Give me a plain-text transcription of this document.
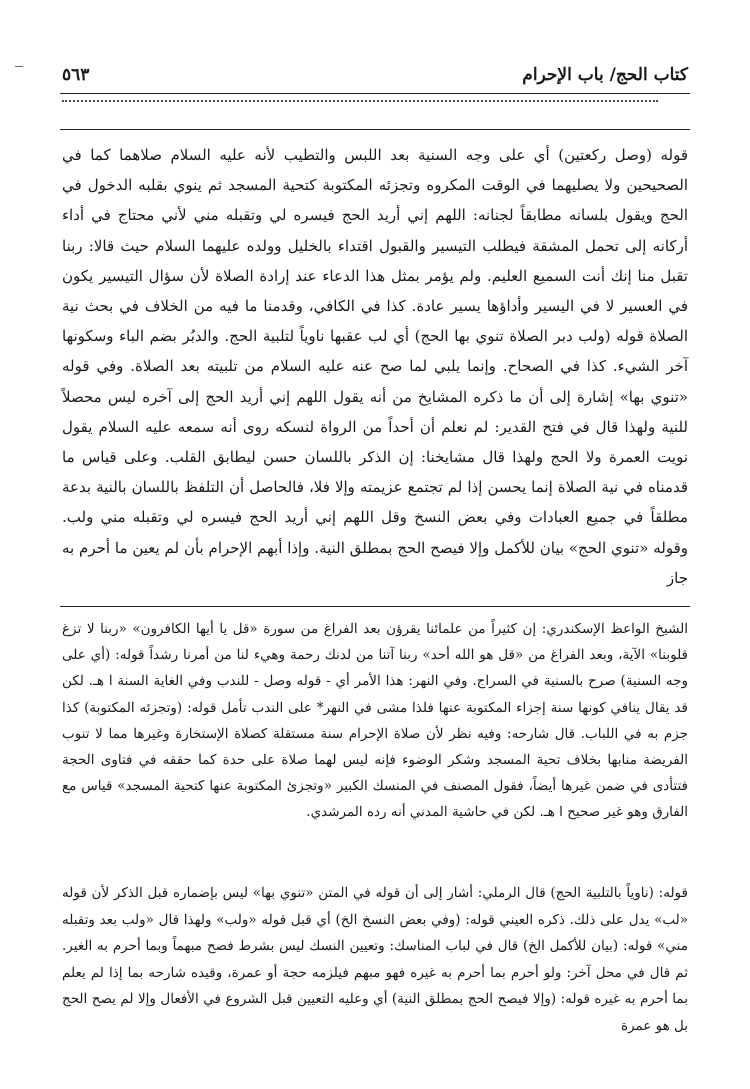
كتاب الحج/ باب الإحرام
٥٦٣

قوله (وصل ركعتين) أي على وجه السنية بعد اللبس والتطيب لأنه عليه السلام صلاهما كما في الصحيحين ولا يصليهما في الوقت المكروه وتجزئه المكتوبة كتحية المسجد ثم ينوي بقلبه الدخول في الحج ويقول بلسانه مطابقاً لجنانه: اللهم إني أريد الحج فيسره لي وتقبله مني لأني محتاج في أداء أركانه إلى تحمل المشقة فيطلب التيسير والقبول اقتداء بالخليل وولده عليهما السلام حيث قالا: ربنا تقبل منا إنك أنت السميع العليم. ولم يؤمر بمثل هذا الدعاء عند إرادة الصلاة لأن سؤال التيسير يكون في العسير لا في اليسير وأداؤها يسير عادة. كذا في الكافي، وقدمنا ما فيه من الخلاف في بحث نية الصلاة قوله (ولب دبر الصلاة تنوي بها الحج) أي لب عقبها ناوياً لتلبية الحج. والدبُر بضم الباء وسكونها آخر الشيء. كذا في الصحاح. وإنما يلبي لما صح عنه عليه السلام من تلبيته بعد الصلاة. وفي قوله «تنوي بها» إشارة إلى أن ما ذكره المشايخ من أنه يقول اللهم إني أريد الحج إلى آخره ليس محصلاً للنية ولهذا قال في فتح القدير: لم نعلم أن أحداً من الرواة لنسكه روى أنه سمعه عليه السلام يقول نويت العمرة ولا الحج ولهذا قال مشايخنا: إن الذكر باللسان حسن ليطابق القلب. وعلى قياس ما قدمناه في نية الصلاة إنما يحسن إذا لم تجتمع عزيمته وإلا فلا، فالحاصل أن التلفظ باللسان بالنية بدعة مطلقاً في جميع العبادات وفي بعض النسخ وقل اللهم إني أريد الحج فيسره لي وتقبله مني ولب. وقوله «تنوي الحج» بيان للأكمل وإلا فيصح الحج بمطلق النية. وإذا أبهم الإحرام بأن لم يعين ما أحرم به جاز

الشيخ الواعظ الإسكندري: إن كثيراً من علمائنا يقرؤن بعد الفراغ من سورة «قل يا أيها الكافرون» «ربنا لا تزغ قلوبنا» الآية، وبعد الفراغ من «قل هو الله أحد» ربنا آتنا من لدنك رحمة وهيء لنا من أمرنا رشداً قوله: (أي على وجه السنية) صرح بالسنية في السراج. وفي النهر: هذا الأمر أي - قوله وصل - للندب وفي الغاية السنة ا هـ. لكن قد يقال ينافي كونها سنة إجزاء المكتوبة عنها فلذا مشى في النهر* على الندب تأمل قوله: (وتجزئه المكتوبة) كذا جزم به في اللباب. قال شارحه: وفيه نظر لأن صلاة الإحرام سنة مستقلة كصلاة الإستخارة وغيرها مما لا تنوب الفريضة منابها بخلاف تحية المسجد وشكر الوضوء فإنه ليس لهما صلاة على حدة كما حققه في فتاوى الحجة فتتأدى في ضمن غيرها أيضاً، فقول المصنف في المنسك الكبير «وتجزئ المكتوبة عنها كتحية المسجد» قياس مع الفارق وهو غير صحيح ا هـ. لكن في حاشية المدني أنه رده المرشدي.

قوله: (ناوياً بالتلبية الحج) قال الرملي: أشار إلى أن قوله في المتن «تنوي بها» ليس بإضماره قبل الذكر لأن قوله «لب» يدل على ذلك. ذكره العيني قوله: (وفي بعض النسخ الخ) أي قبل قوله «ولب» ولهذا قال «ولب بعد وتقبله مني» قوله: (بيان للأكمل الخ) قال في لباب المناسك: وتعيين النسك ليس بشرط فصح مبهماً وبما أحرم به الغير. ثم قال في محل آخر: ولو أحرم بما أحرم به غيره فهو مبهم فيلزمه حجة أو عمرة، وقيده شارحه بما إذا لم يعلم بما أحرم به غيره قوله: (وإلا فيصح الحج بمطلق النية) أي وعليه التعيين قبل الشروع في الأفعال وإلا لم يصح الحج بل هو عمرة
